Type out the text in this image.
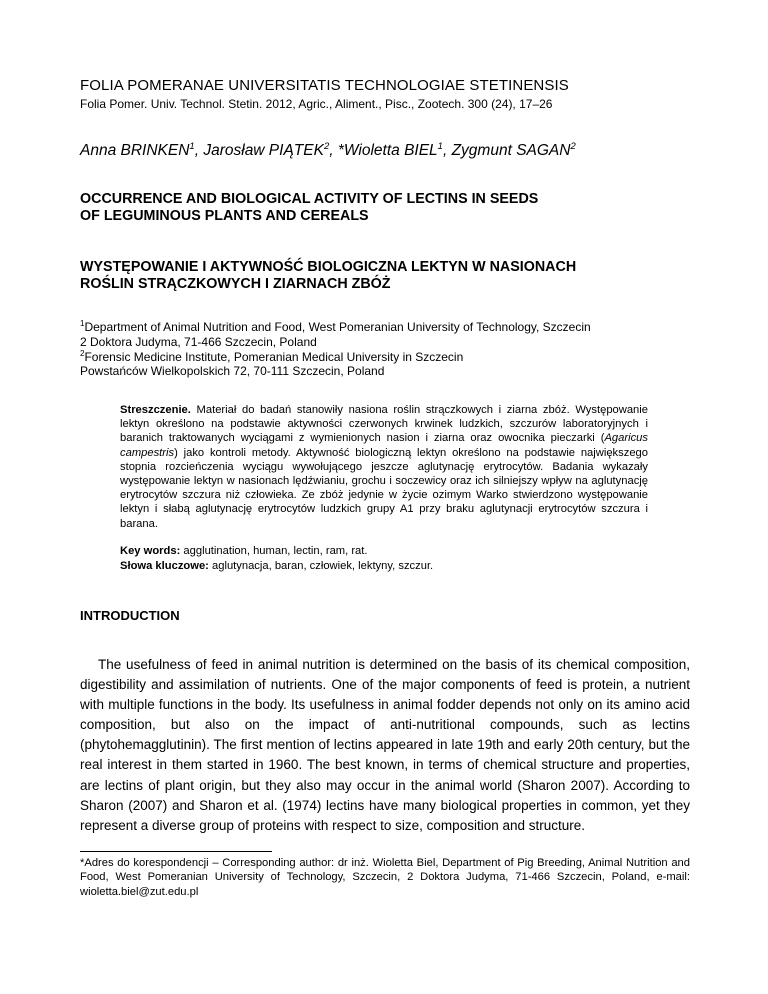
FOLIA POMERANAE UNIVERSITATIS TECHNOLOGIAE STETINENSIS
Folia Pomer. Univ. Technol. Stetin. 2012, Agric., Aliment., Pisc., Zootech. 300 (24), 17–26
Anna BRINKEN$^1$, Jarosław PIĄTEK$^2$, *Wioletta BIEL$^1$, Zygmunt SAGAN$^2$
OCCURRENCE AND BIOLOGICAL ACTIVITY OF LECTINS IN SEEDS
OF LEGUMINOUS PLANTS AND CEREALS
WYSTĘPOWANIE I AKTYWNOŚĆ BIOLOGICZNA LEKTYN W NASIONACH
ROŚLIN STRĄCZKOWYCH I ZIARNACH ZBÓŻ
$^1$Department of Animal Nutrition and Food, West Pomeranian University of Technology, Szczecin
2 Doktora Judyma, 71-466 Szczecin, Poland
$^2$Forensic Medicine Institute, Pomeranian Medical University in Szczecin
Powstańców Wielkopolskich 72, 70-111 Szczecin, Poland
Streszczenie. Materiał do badań stanowiły nasiona roślin strączkowych i ziarna zbóż. Występowanie lektyn określono na podstawie aktywności czerwonych krwinek ludzkich, szczurów laboratoryjnych i baranich traktowanych wyciągami z wymienionych nasion i ziarna oraz owocnika pieczarki (Agaricus campestris) jako kontroli metody. Aktywność biologiczną lektyn określono na podstawie największego stopnia rozcieńczenia wyciągu wywołującego jeszcze aglutynację erytrocytów. Badania wykazały występowanie lektyn w nasionach lędźwianiu, grochu i soczewicy oraz ich silniejszy wpływ na aglutynację erytrocytów szczura niż człowieka. Ze zbóż jedynie w życie ozimym Warko stwierdzono występowanie lektyn i słabą aglutynację erytrocytów ludzkich grupy A1 przy braku aglutynacji erytrocytów szczura i barana.
Key words: agglutination, human, lectin, ram, rat.
Słowa kluczowe: aglutynacja, baran, człowiek, lektyny, szczur.
INTRODUCTION
The usefulness of feed in animal nutrition is determined on the basis of its chemical composition, digestibility and assimilation of nutrients. One of the major components of feed is protein, a nutrient with multiple functions in the body. Its usefulness in animal fodder depends not only on its amino acid composition, but also on the impact of anti-nutritional compounds, such as lectins (phytohemagglutinin). The first mention of lectins appeared in late 19th and early 20th century, but the real interest in them started in 1960. The best known, in terms of chemical structure and properties, are lectins of plant origin, but they also may occur in the animal world (Sharon 2007). According to Sharon (2007) and Sharon et al. (1974) lectins have many biological properties in common, yet they represent a diverse group of proteins with respect to size, composition and structure.
*Adres do korespondencji – Corresponding author: dr inż. Wioletta Biel, Department of Pig Breeding, Animal Nutrition and Food, West Pomeranian University of Technology, Szczecin, 2 Doktora Judyma, 71-466 Szczecin, Poland, e-mail: wioletta.biel@zut.edu.pl
